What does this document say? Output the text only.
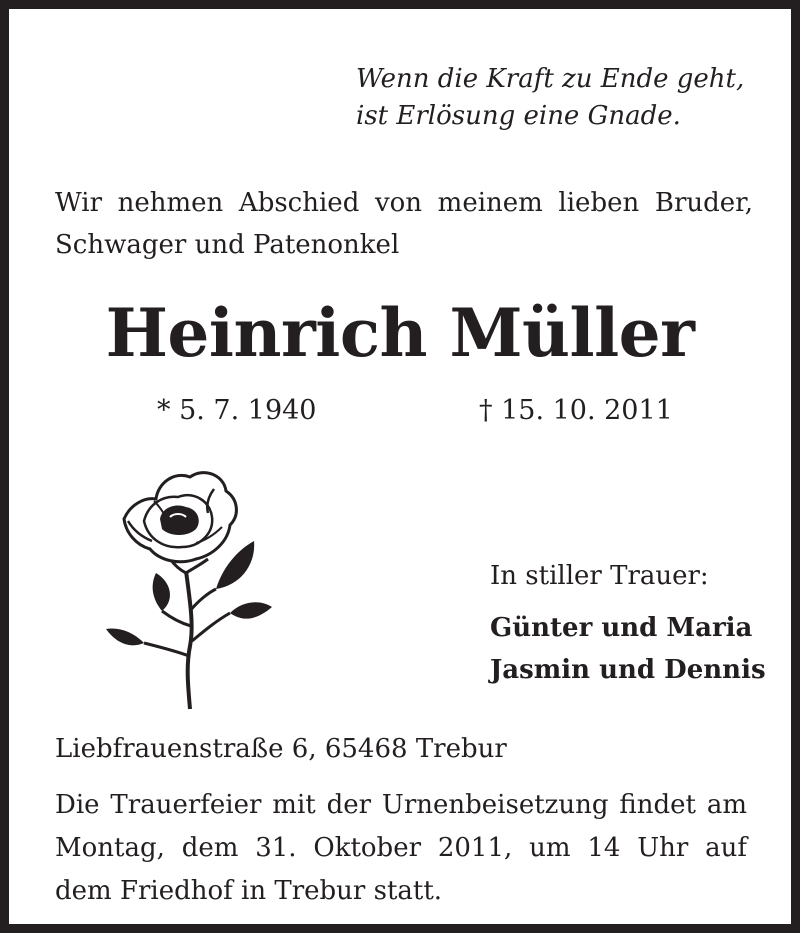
Wenn die Kraft zu Ende geht,
ist Erlösung eine Gnade.
Wir nehmen Abschied von meinem lieben Bruder,
Schwager und Patenonkel
Heinrich Müller
* 5. 7. 1940	† 15. 10. 2011
In stiller Trauer:
Günter und Maria
Jasmin und Dennis
Liebfrauenstraße 6, 65468 Trebur
Die Trauerfeier mit der Urnenbeisetzung findet am
Montag, dem 31. Oktober 2011, um 14 Uhr auf
dem Friedhof in Trebur statt.
